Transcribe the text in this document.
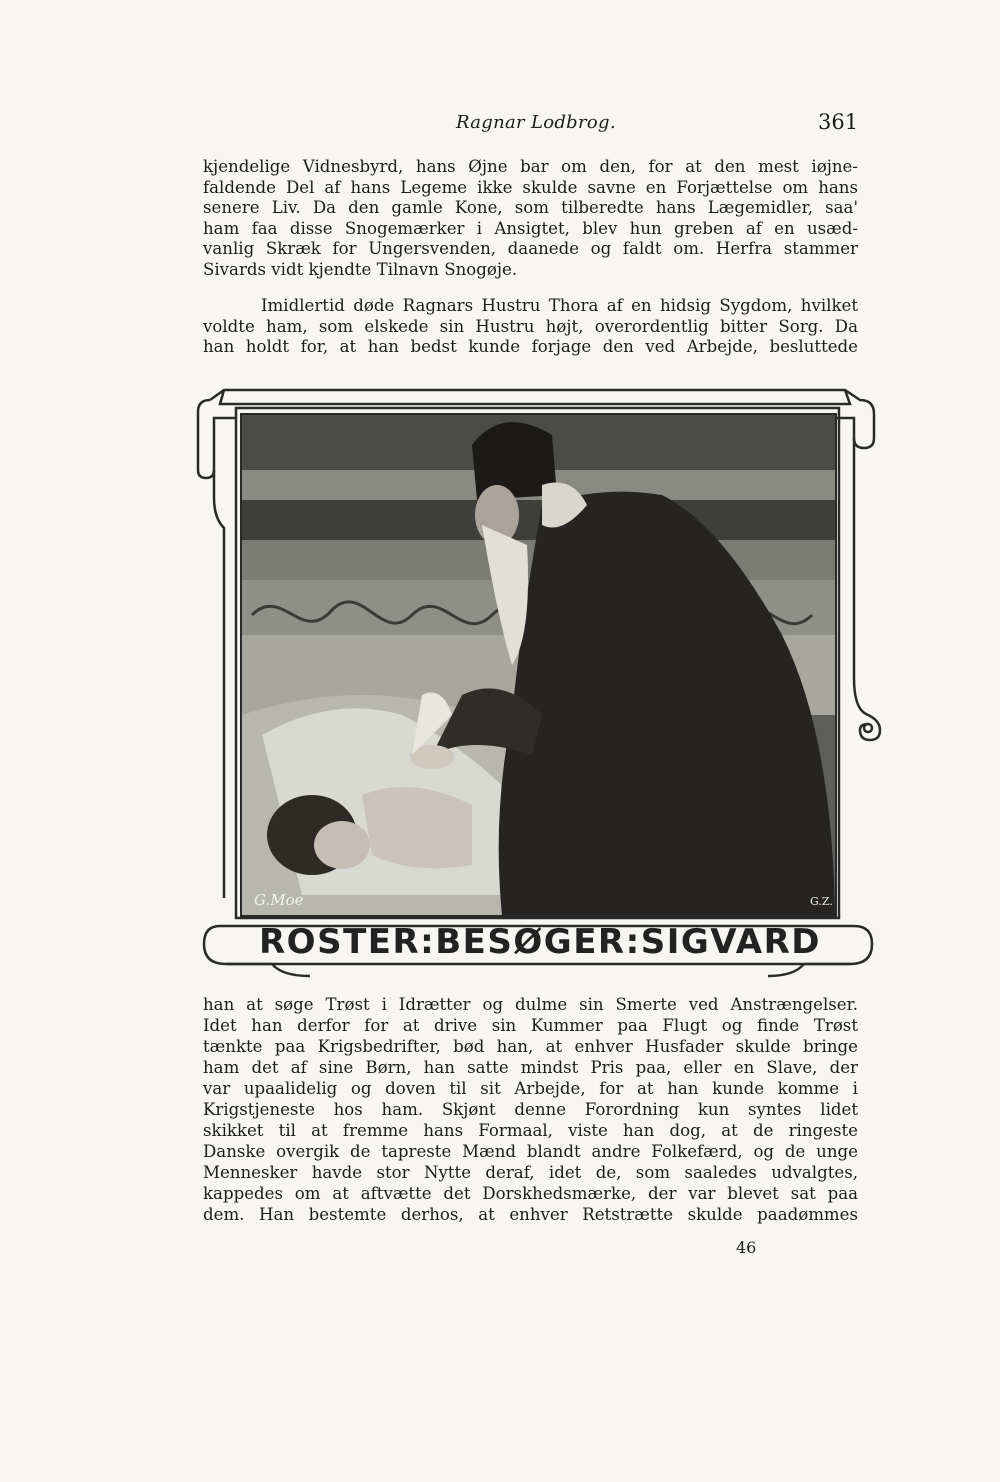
Ragnar Lodbrog.	361

kjendelige Vidnesbyrd, hans Øjne bar om den, for at den mest iøjne-
faldende Del af hans Legeme ikke skulde savne en Forjættelse om hans
senere Liv. Da den gamle Kone, som tilberedte hans Lægemidler, saa'
ham faa disse Snogemærker i Ansigtet, blev hun greben af en usæd-
vanlig Skræk for Ungersvenden, daanede og faldt om. Herfra stammer
Sivards vidt kjendte Tilnavn Snogøje.

Imidlertid døde Ragnars Hustru Thora af en hidsig Sygdom, hvilket
voldte ham, som elskede sin Hustru højt, overordentlig bitter Sorg. Da
han holdt for, at han bedst kunde forjage den ved Arbejde, besluttede

G.Moe	G.Z.
ROSTER:BESØGER:SIGVARD

han at søge Trøst i Idrætter og dulme sin Smerte ved Anstrængelser.
Idet han derfor for at drive sin Kummer paa Flugt og finde Trøst
tænkte paa Krigsbedrifter, bød han, at enhver Husfader skulde bringe
ham det af sine Børn, han satte mindst Pris paa, eller en Slave, der
var upaalidelig og doven til sit Arbejde, for at han kunde komme i
Krigstjeneste hos ham. Skjønt denne Forordning kun syntes lidet
skikket til at fremme hans Formaal, viste han dog, at de ringeste
Danske overgik de tapreste Mænd blandt andre Folkefærd, og de unge
Mennesker havde stor Nytte deraf, idet de, som saaledes udvalgtes,
kappedes om at aftvætte det Dorskhedsmærke, der var blevet sat paa
dem. Han bestemte derhos, at enhver Retstrætte skulde paadømmes

46
